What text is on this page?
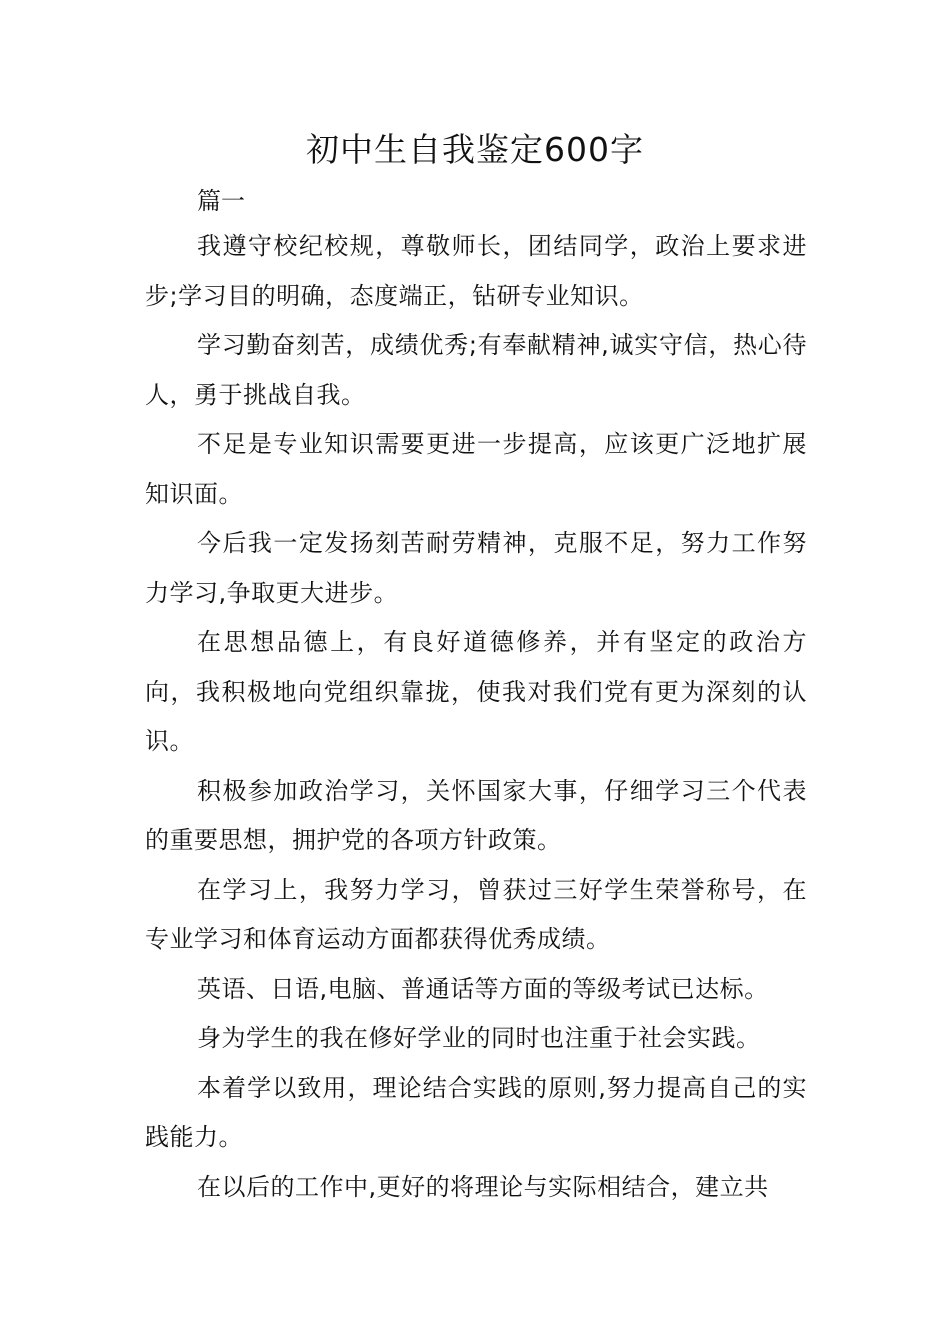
初中生自我鉴定600字

篇一

我遵守校纪校规，尊敬师长，团结同学，政治上要求进步;学习目的明确，态度端正，钻研专业知识。

学习勤奋刻苦，成绩优秀;有奉献精神,诚实守信，热心待人，勇于挑战自我。

不足是专业知识需要更进一步提高，应该更广泛地扩展知识面。

今后我一定发扬刻苦耐劳精神，克服不足，努力工作努力学习,争取更大进步。

在思想品德上，有良好道德修养，并有坚定的政治方向，我积极地向党组织靠拢，使我对我们党有更为深刻的认识。

积极参加政治学习，关怀国家大事，仔细学习三个代表的重要思想，拥护党的各项方针政策。

在学习上，我努力学习，曾获过三好学生荣誉称号，在专业学习和体育运动方面都获得优秀成绩。

英语、日语,电脑、普通话等方面的等级考试已达标。

身为学生的我在修好学业的同时也注重于社会实践。

本着学以致用，理论结合实践的原则,努力提高自己的实践能力。

在以后的工作中,更好的将理论与实际相结合，建立共
